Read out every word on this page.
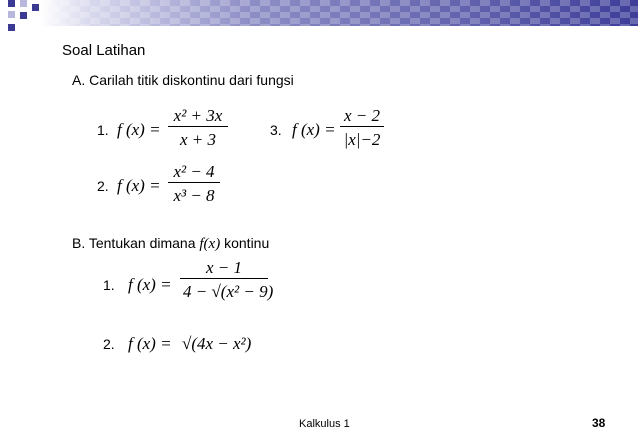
Soal Latihan
A. Carilah titik diskontinu dari fungsi
1. f (x) =
x² + 3x
x + 3	3. f (x) =
x − 2
|x|−2
2. f (x) =
x² − 4
x³ − 8
B. Tentukan dimana f(x) kontinu
1. f (x) =
x − 1
4 − √(x² − 9)
2. f (x) = √(4x − x²)
Kalkulus 1	38
